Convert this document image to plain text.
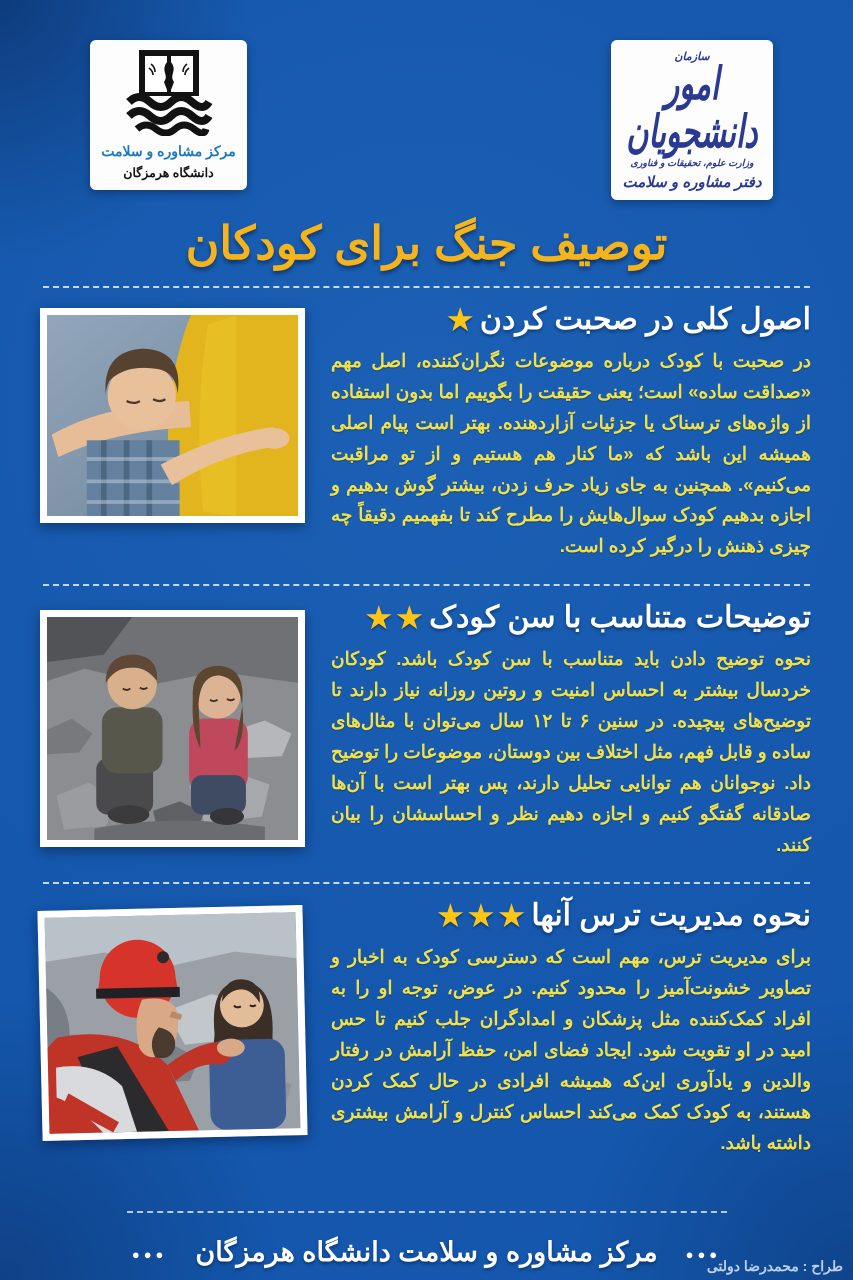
مرکز مشاوره و سلامت
دانشگاه هرمزگان
سازمان
امور دانشجویان
وزارت علوم، تحقیقات و فناوری
دفتر مشاوره و سلامت
توصیف جنگ برای کودکان
★ اصول کلی در صحبت کردن

در صحبت با کودک درباره موضوعات نگران‌کننده، اصل مهم «صداقت ساده» است؛ یعنی حقیقت را بگوییم اما بدون استفاده از واژه‌های ترسناک یا جزئیات آزاردهنده. بهتر است پیام اصلی همیشه این باشد که «ما کنار هم هستیم و از تو مراقبت می‌کنیم». همچنین به جای زیاد حرف زدن، بیشتر گوش بدهیم و اجازه بدهیم کودک سوال‌هایش را مطرح کند تا بفهمیم دقیقاً چه چیزی ذهنش را درگیر کرده است.

★★ توضیحات متناسب با سن کودک

نحوه توضیح دادن باید متناسب با سن کودک باشد. کودکان خردسال بیشتر به احساس امنیت و روتین روزانه نیاز دارند تا توضیح‌های پیچیده. در سنین ۶ تا ۱۲ سال می‌توان با مثال‌های ساده و قابل فهم، مثل اختلاف بین دوستان، موضوعات را توضیح داد. نوجوانان هم توانایی تحلیل دارند، پس بهتر است با آن‌ها صادقانه گفتگو کنیم و اجازه دهیم نظر و احساسشان را بیان کنند.

★★★ نحوه مدیریت ترس آنها

برای مدیریت ترس، مهم است که دسترسی کودک به اخبار و تصاویر خشونت‌آمیز را محدود کنیم. در عوض، توجه او را به افراد کمک‌کننده مثل پزشکان و امدادگران جلب کنیم تا حس امید در او تقویت شود. ایجاد فضای امن، حفظ آرامش در رفتار والدین و یادآوری این‌که همیشه افرادی در حال کمک کردن هستند، به کودک کمک می‌کند احساس کنترل و آرامش بیشتری داشته باشد.

●●● مرکز مشاوره و سلامت دانشگاه هرمزگان ●●●
طراح : محمدرضا دولتی
